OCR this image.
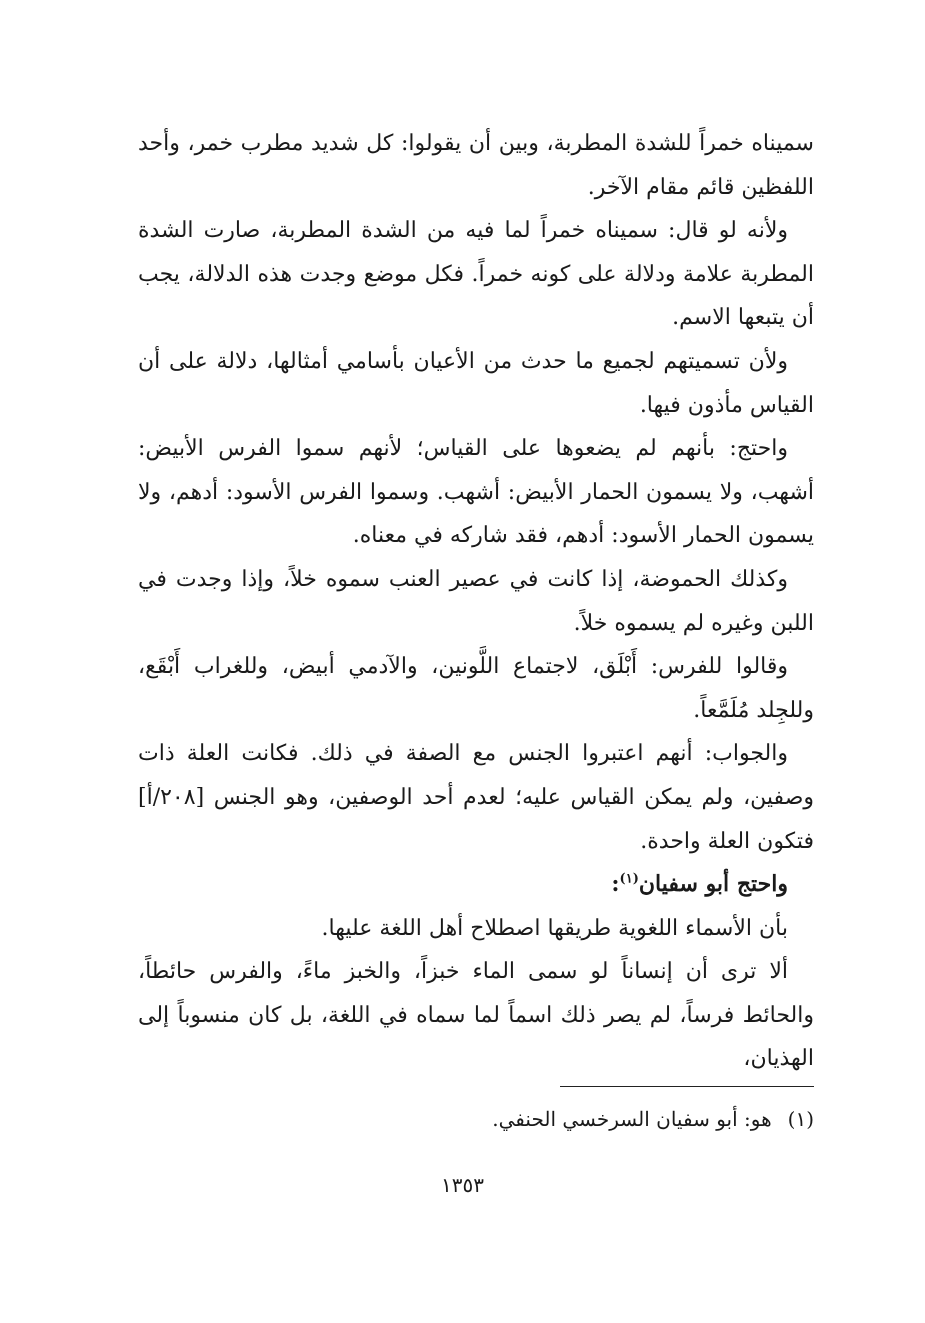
سميناه خمراً للشدة المطربة، وبين أن يقولوا: كل شديد مطرب خمر، وأحد اللفظين قائم مقام الآخر.

ولأنه لو قال: سميناه خمراً لما فيه من الشدة المطربة، صارت الشدة المطربة علامة ودلالة على كونه خمراً. فكل موضع وجدت هذه الدلالة، يجب أن يتبعها الاسم.

ولأن تسميتهم لجميع ما حدث من الأعيان بأسامي أمثالها، دلالة على أن القياس مأذون فيها.

واحتج: بأنهم لم يضعوها على القياس؛ لأنهم سموا الفرس الأبيض: أشهب، ولا يسمون الحمار الأبيض: أشهب. وسموا الفرس الأسود: أدهم، ولا يسمون الحمار الأسود: أدهم، فقد شاركه في معناه.

وكذلك الحموضة، إذا كانت في عصير العنب سموه خلاً، وإذا وجدت في اللبن وغيره لم يسموه خلاً.

وقالوا للفرس: أَبْلَق، لاجتماع اللَّونين، والآدمي أبيض، وللغراب أَبْقَع، وللجِلد مُلَمَّعاً.

والجواب: أنهم اعتبروا الجنس مع الصفة في ذلك. فكانت العلة ذات وصفين، ولم يمكن القياس عليه؛ لعدم أحد الوصفين، وهو الجنس [٢٠٨/أ] فتكون العلة واحدة.

واحتج أبو سفيان$^{(١)}$:

بأن الأسماء اللغوية طريقها اصطلاح أهل اللغة عليها.

ألا ترى أن إنساناً لو سمى الماء خبزاً، والخبز ماءً، والفرس حائطاً، والحائط فرساً، لم يصر ذلك اسماً لما سماه في اللغة، بل كان منسوباً إلى الهذيان،

(١)هو: أبو سفيان السرخسي الحنفي.
١٣٥٣
